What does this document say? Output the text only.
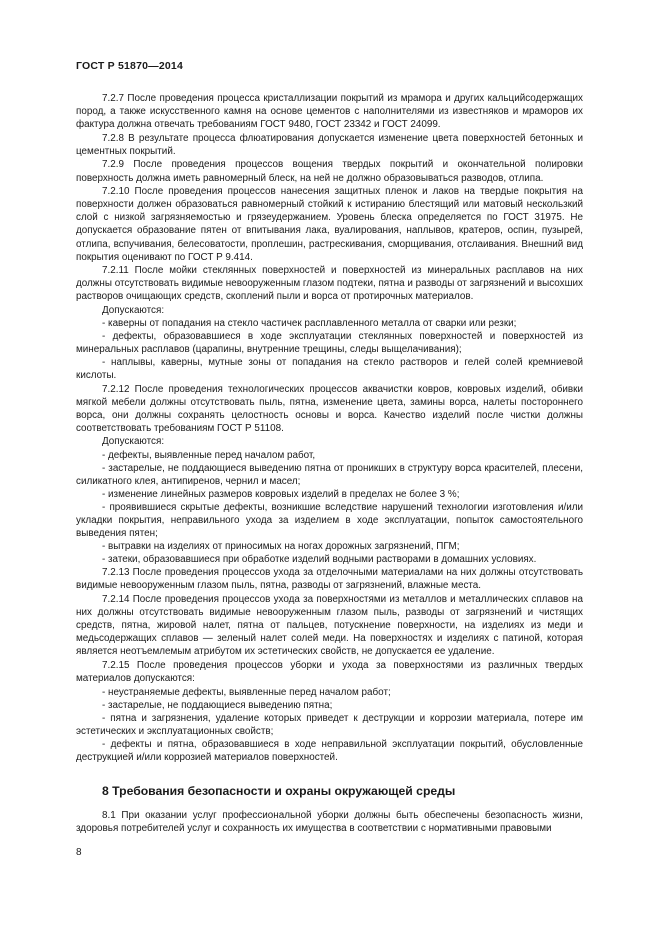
ГОСТ Р 51870—2014

7.2.7 После проведения процесса кристаллизации покрытий из мрамора и других кальцийсодержащих пород, а также искусственного камня на основе цементов с наполнителями из известняков и мраморов их фактура должна отвечать требованиям ГОСТ 9480, ГОСТ 23342 и ГОСТ 24099.

7.2.8 В результате процесса флюатирования допускается изменение цвета поверхностей бетонных и цементных покрытий.

7.2.9 После проведения процессов вощения твердых покрытий и окончательной полировки поверхность должна иметь равномерный блеск, на ней не должно образовываться разводов, отлипа.

7.2.10 После проведения процессов нанесения защитных пленок и лаков на твердые покрытия на поверхности должен образоваться равномерный стойкий к истиранию блестящий или матовый нескользкий слой с низкой загрязняемостью и грязеудержанием. Уровень блеска определяется по ГОСТ 31975. Не допускается образование пятен от впитывания лака, вуалирования, наплывов, кратеров, оспин, пузырей, отлипа, вспучивания, белесоватости, проплешин, растрескивания, сморщивания, отслаивания. Внешний вид покрытия оценивают по ГОСТ Р 9.414.

7.2.11 После мойки стеклянных поверхностей и поверхностей из минеральных расплавов на них должны отсутствовать видимые невооруженным глазом подтеки, пятна и разводы от загрязнений и высохших растворов очищающих средств, скоплений пыли и ворса от протирочных материалов.

Допускаются:

- каверны от попадания на стекло частичек расплавленного металла от сварки или резки;

- дефекты, образовавшиеся в ходе эксплуатации стеклянных поверхностей и поверхностей из минеральных расплавов (царапины, внутренние трещины, следы выщелачивания);

- наплывы, каверны, мутные зоны от попадания на стекло растворов и гелей солей кремниевой кислоты.

7.2.12 После проведения технологических процессов аквачистки ковров, ковровых изделий, обивки мягкой мебели должны отсутствовать пыль, пятна, изменение цвета, замины ворса, налеты постороннего ворса, они должны сохранять целостность основы и ворса. Качество изделий после чистки должны соответствовать требованиям ГОСТ Р 51108.

Допускаются:

- дефекты, выявленные перед началом работ,

- застарелые, не поддающиеся выведению пятна от проникших в структуру ворса красителей, плесени, силикатного клея, антипиренов, чернил и масел;

- изменение линейных размеров ковровых изделий в пределах не более 3 %;

- проявившиеся скрытые дефекты, возникшие вследствие нарушений технологии изготовления и/или укладки покрытия, неправильного ухода за изделием в ходе эксплуатации, попыток самостоятельного выведения пятен;

- вытравки на изделиях от приносимых на ногах дорожных загрязнений, ПГМ;

- затеки, образовавшиеся при обработке изделий водными растворами в домашних условиях.

7.2.13 После проведения процессов ухода за отделочными материалами на них должны отсутствовать видимые невооруженным глазом пыль, пятна, разводы от загрязнений, влажные места.

7.2.14 После проведения процессов ухода за поверхностями из металлов и металлических сплавов на них должны отсутствовать видимые невооруженным глазом пыль, разводы от загрязнений и чистящих средств, пятна, жировой налет, пятна от пальцев, потускнение поверхности, на изделиях из меди и медьсодержащих сплавов — зеленый налет солей меди. На поверхностях и изделиях с патиной, которая является неотъемлемым атрибутом их эстетических свойств, не допускается ее удаление.

7.2.15 После проведения процессов уборки и ухода за поверхностями из различных твердых материалов допускаются:

- неустраняемые дефекты, выявленные перед началом работ;

- застарелые, не поддающиеся выведению пятна;

- пятна и загрязнения, удаление которых приведет к деструкции и коррозии материала, потере им эстетических и эксплуатационных свойств;

- дефекты и пятна, образовавшиеся в ходе неправильной эксплуатации покрытий, обусловленные деструкцией и/или коррозией материалов поверхностей.

8 Требования безопасности и охраны окружающей среды

8.1 При оказании услуг профессиональной уборки должны быть обеспечены безопасность жизни, здоровья потребителей услуг и сохранность их имущества в соответствии с нормативными правовыми

8
